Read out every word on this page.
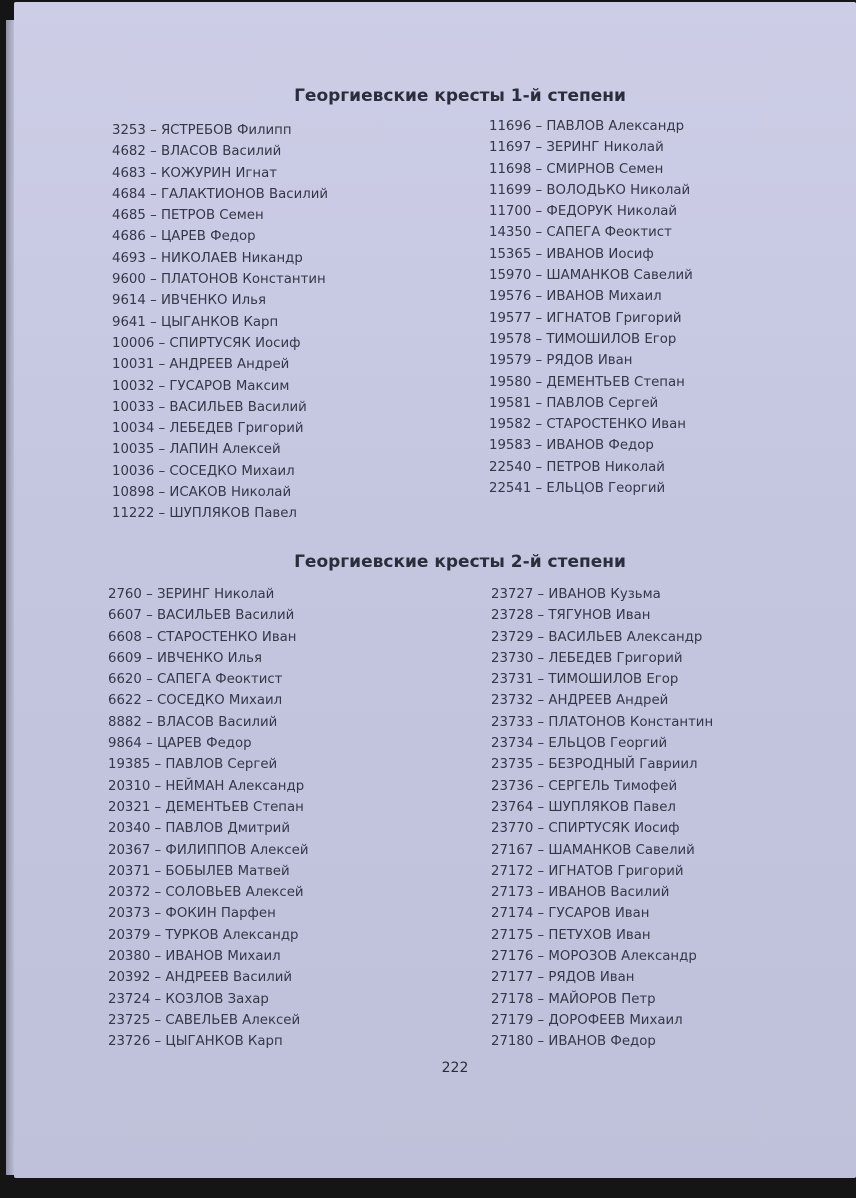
Георгиевские кресты 1-й степени
3253 – ЯСТРЕБОВ Филипп
4682 – ВЛАСОВ Василий
4683 – КОЖУРИН Игнат
4684 – ГАЛАКТИОНОВ Василий
4685 – ПЕТРОВ Семен
4686 – ЦАРЕВ Федор
4693 – НИКОЛАЕВ Никандр
9600 – ПЛАТОНОВ Константин
9614 – ИВЧЕНКО Илья
9641 – ЦЫГАНКОВ Карп
10006 – СПИРТУСЯК Иосиф
10031 – АНДРЕЕВ Андрей
10032 – ГУСАРОВ Максим
10033 – ВАСИЛЬЕВ Василий
10034 – ЛЕБЕДЕВ Григорий
10035 – ЛАПИН Алексей
10036 – СОСЕДКО Михаил
10898 – ИСАКОВ Николай
11222 – ШУПЛЯКОВ Павел
11696 – ПАВЛОВ Александр
11697 – ЗЕРИНГ Николай
11698 – СМИРНОВ Семен
11699 – ВОЛОДЬКО Николай
11700 – ФЕДОРУК Николай
14350 – САПЕГА Феоктист
15365 – ИВАНОВ Иосиф
15970 – ШАМАНКОВ Савелий
19576 – ИВАНОВ Михаил
19577 – ИГНАТОВ Григорий
19578 – ТИМОШИЛОВ Егор
19579 – РЯДОВ Иван
19580 – ДЕМЕНТЬЕВ Степан
19581 – ПАВЛОВ Сергей
19582 – СТАРОСТЕНКО Иван
19583 – ИВАНОВ Федор
22540 – ПЕТРОВ Николай
22541 – ЕЛЬЦОВ Георгий
Георгиевские кресты 2-й степени
2760 – ЗЕРИНГ Николай
6607 – ВАСИЛЬЕВ Василий
6608 – СТАРОСТЕНКО Иван
6609 – ИВЧЕНКО Илья
6620 – САПЕГА Феоктист
6622 – СОСЕДКО Михаил
8882 – ВЛАСОВ Василий
9864 – ЦАРЕВ Федор
19385 – ПАВЛОВ Сергей
20310 – НЕЙМАН Александр
20321 – ДЕМЕНТЬЕВ Степан
20340 – ПАВЛОВ Дмитрий
20367 – ФИЛИППОВ Алексей
20371 – БОБЫЛЕВ Матвей
20372 – СОЛОВЬЕВ Алексей
20373 – ФОКИН Парфен
20379 – ТУРКОВ Александр
20380 – ИВАНОВ Михаил
20392 – АНДРЕЕВ Василий
23724 – КОЗЛОВ Захар
23725 – САВЕЛЬЕВ Алексей
23726 – ЦЫГАНКОВ Карп
23727 – ИВАНОВ Кузьма
23728 – ТЯГУНОВ Иван
23729 – ВАСИЛЬЕВ Александр
23730 – ЛЕБЕДЕВ Григорий
23731 – ТИМОШИЛОВ Егор
23732 – АНДРЕЕВ Андрей
23733 – ПЛАТОНОВ Константин
23734 – ЕЛЬЦОВ Георгий
23735 – БЕЗРОДНЫЙ Гавриил
23736 – СЕРГЕЛЬ Тимофей
23764 – ШУПЛЯКОВ Павел
23770 – СПИРТУСЯК Иосиф
27167 – ШАМАНКОВ Савелий
27172 – ИГНАТОВ Григорий
27173 – ИВАНОВ Василий
27174 – ГУСАРОВ Иван
27175 – ПЕТУХОВ Иван
27176 – МОРОЗОВ Александр
27177 – РЯДОВ Иван
27178 – МАЙОРОВ Петр
27179 – ДОРОФЕЕВ Михаил
27180 – ИВАНОВ Федор
222
